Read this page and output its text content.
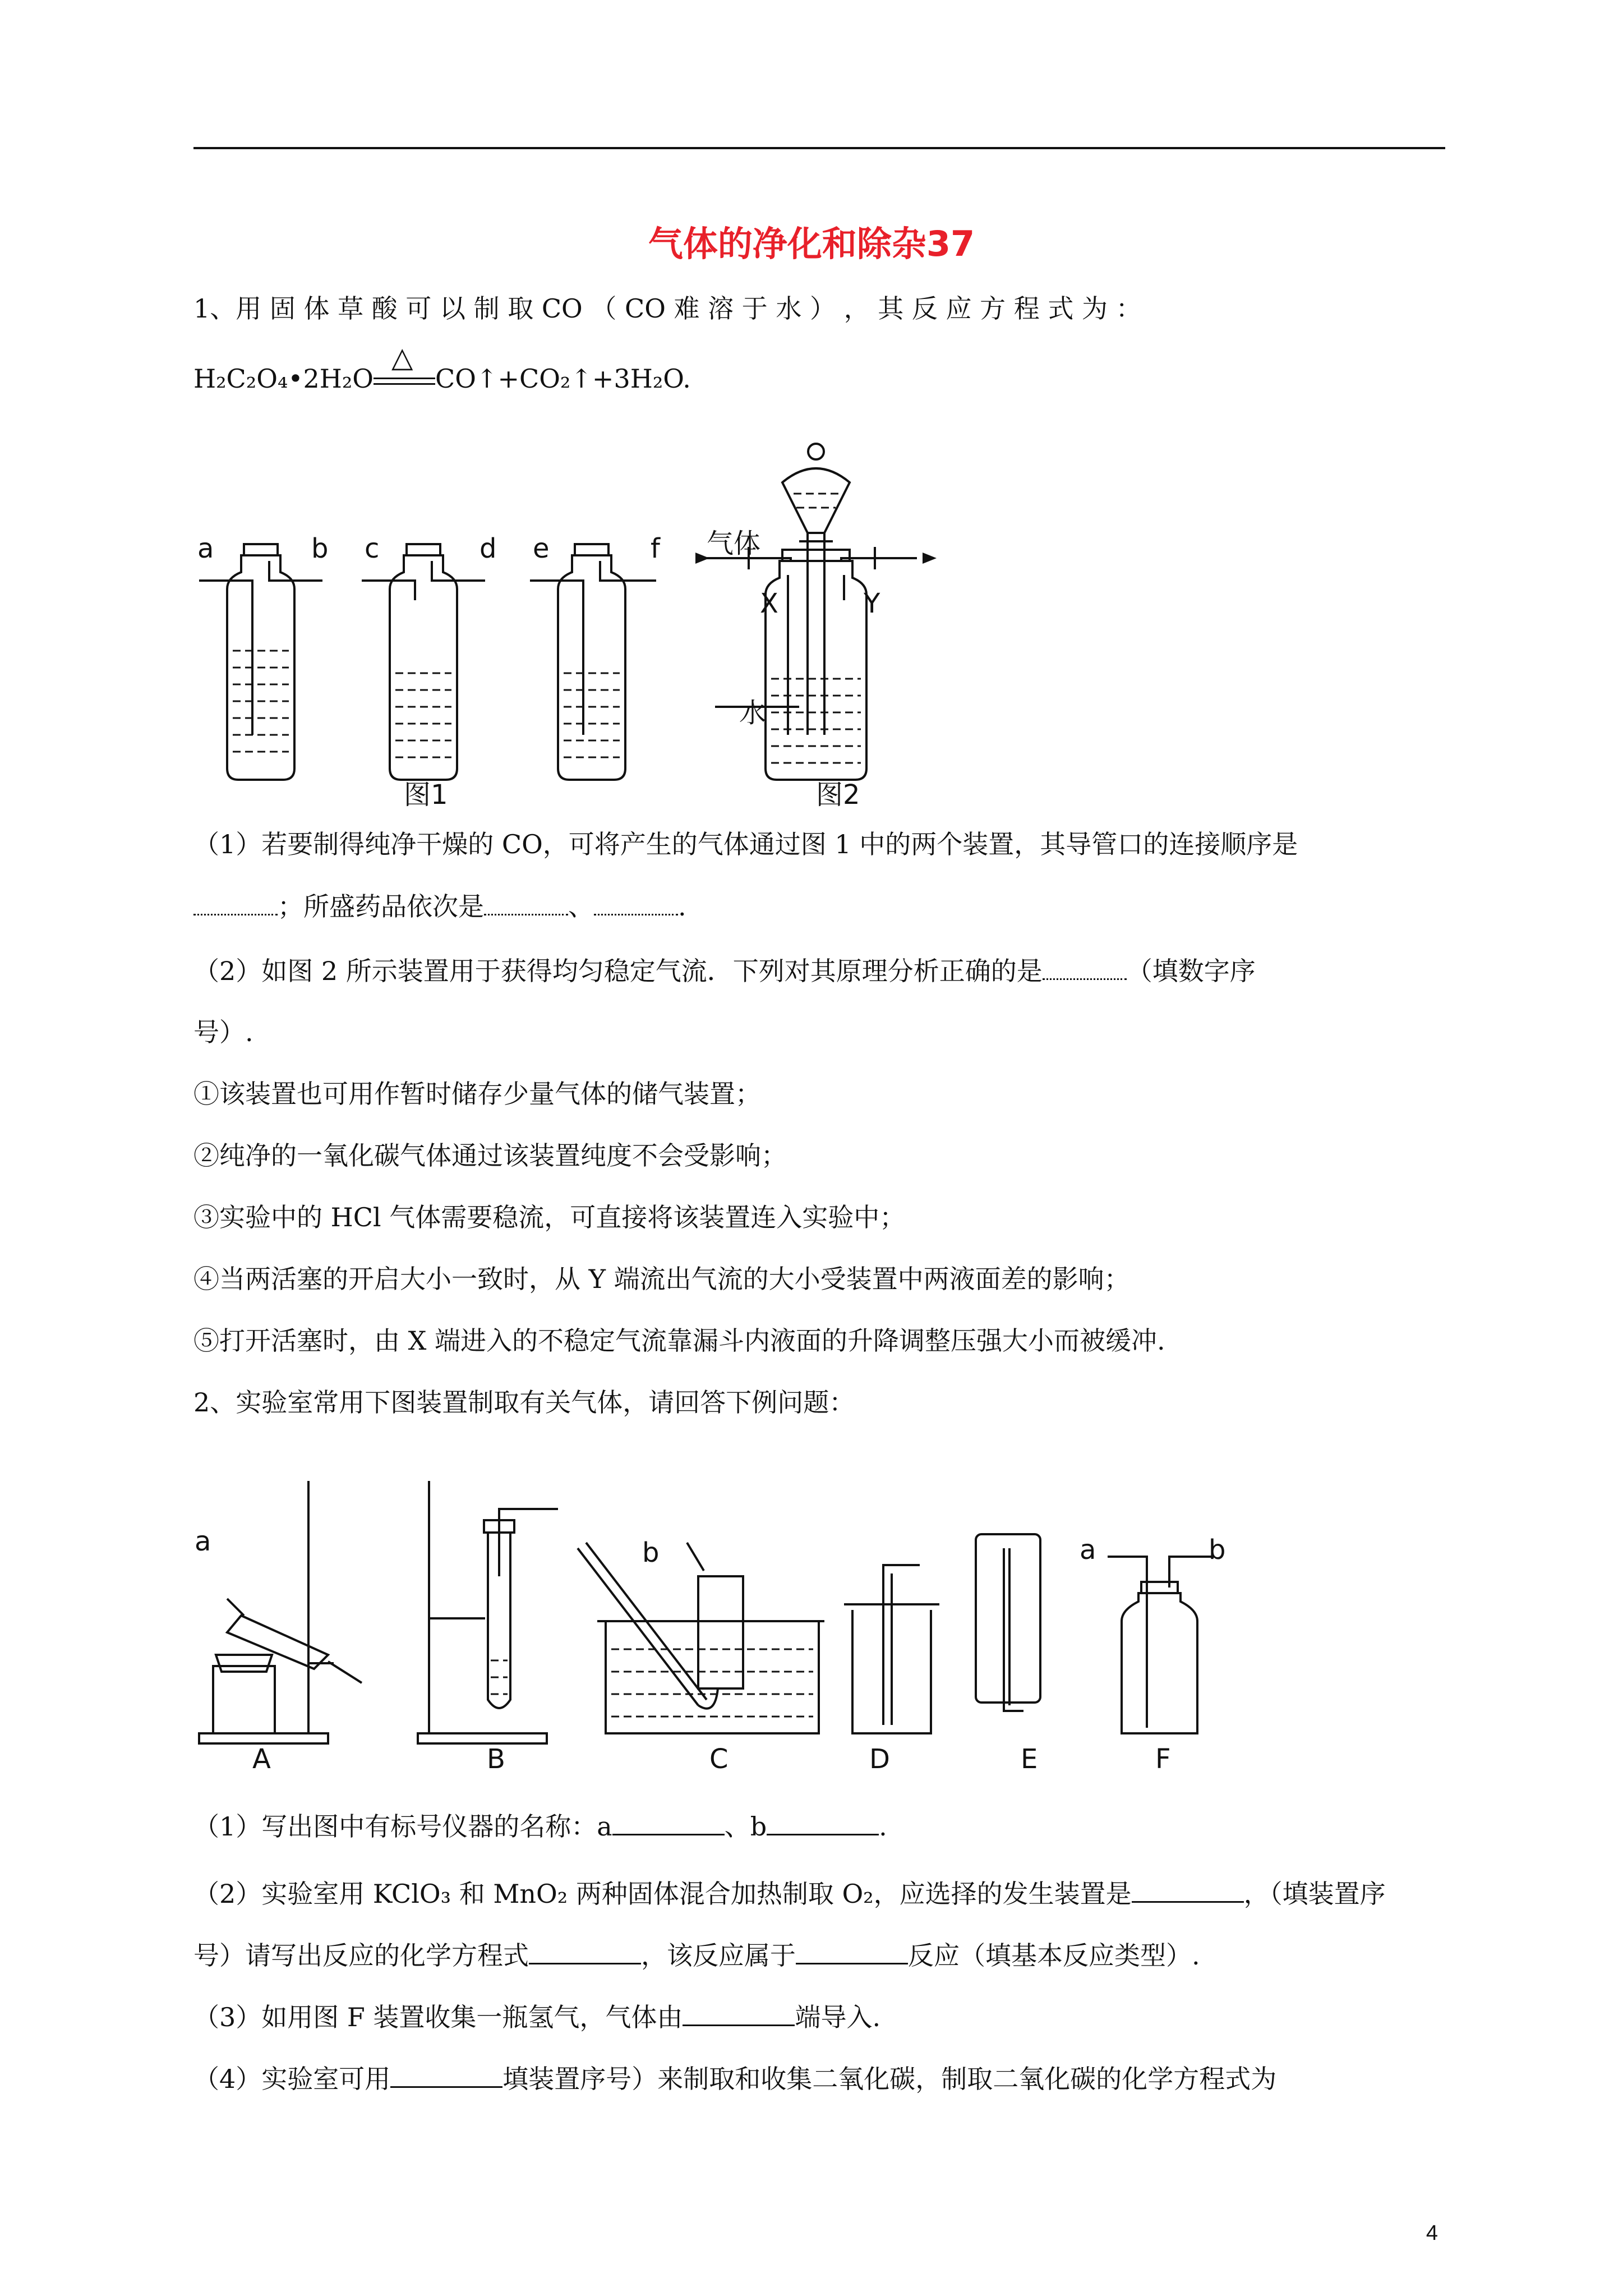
气体的净化和除杂37
1、用 固 体 草 酸 可 以 制 取 CO （ CO 难 溶 于 水 ） ， 其 反 应 方 程 式 为 ：
H₂C₂O₄•2H₂O
△
CO↑+CO₂↑+3H₂O.
a	b c	d e	f
图1
气体
X	Y
水
图2
（1）若要制得纯净干燥的 CO，可将产生的气体通过图 1 中的两个装置，其导管口的连接顺序是
；所盛药品依次是	、	.
（2）如图 2 所示装置用于获得均匀稳定气流．下列对其原理分析正确的是	（填数字序
号）.
①该装置也可用作暂时储存少量气体的储气装置；
②纯净的一氧化碳气体通过该装置纯度不会受影响；
③实验中的 HCl 气体需要稳流，可直接将该装置连入实验中；
④当两活塞的开启大小一致时，从 Y 端流出气流的大小受装置中两液面差的影响；
⑤打开活塞时，由 X 端进入的不稳定气流靠漏斗内液面的升降调整压强大小而被缓冲.
2、实验室常用下图装置制取有关气体，请回答下例问题：
a	b	a	b
A	B	C	D	E	F
（1）写出图中有标号仪器的名称：a	、b	.
（2）实验室用 KClO₃ 和 MnO₂ 两种固体混合加热制取 O₂，应选择的发生装置是	，（填装置序
号）请写出反应的化学方程式	，该反应属于	反应（填基本反应类型）.
（3）如用图 F 装置收集一瓶氢气，气体由	端导入.
（4）实验室可用	填装置序号）来制取和收集二氧化碳，制取二氧化碳的化学方程式为
4
